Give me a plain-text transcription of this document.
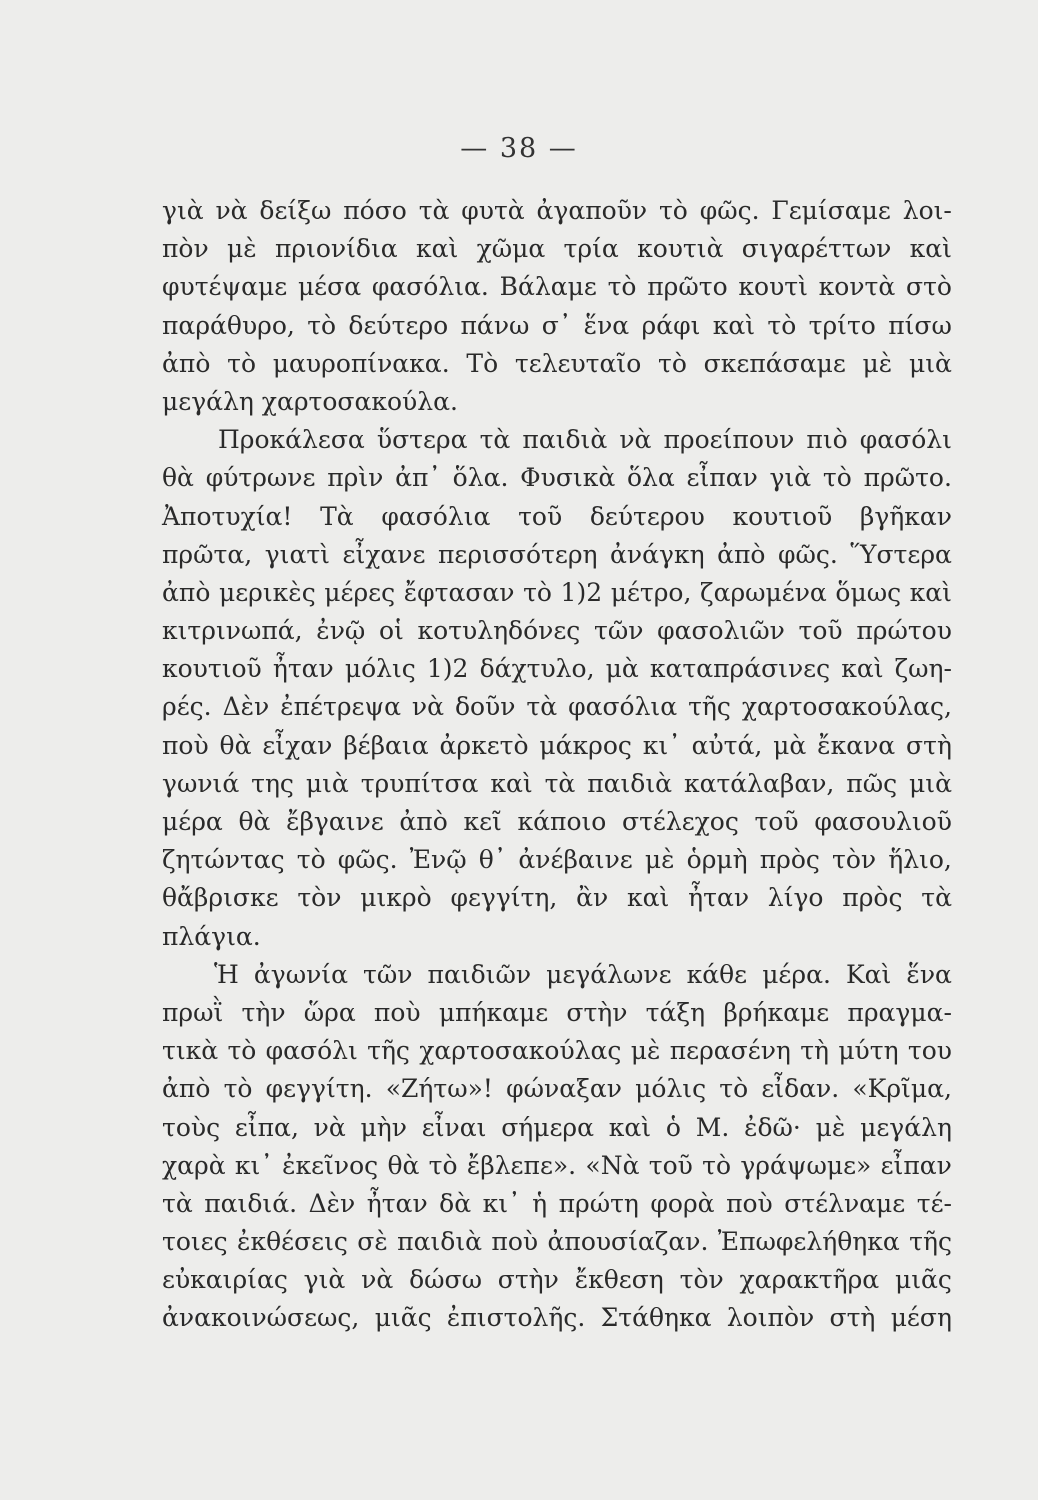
— 38 —
γιὰ νὰ δείξω πόσο τὰ φυτὰ ἀγαποῦν τὸ φῶς. Γεμίσαμε λοι-
πὸν μὲ πριονίδια καὶ χῶμα τρία κουτιὰ σιγαρέττων καὶ
φυτέψαμε μέσα φασόλια. Βάλαμε τὸ πρῶτο κουτὶ κοντὰ στὸ
παράθυρο, τὸ δεύτερο πάνω σ᾽ ἕνα ράφι καὶ τὸ τρίτο πίσω
ἀπὸ τὸ μαυροπίνακα. Τὸ τελευταῖο τὸ σκεπάσαμε μὲ μιὰ
μεγάλη χαρτοσακούλα.
Προκάλεσα ὕστερα τὰ παιδιὰ νὰ προείπουν πιὸ φασόλι
θὰ φύτρωνε πρὶν ἀπ᾽ ὅλα. Φυσικὰ ὅλα εἶπαν γιὰ τὸ πρῶτο.
Ἀποτυχία! Τὰ φασόλια τοῦ δεύτερου κουτιοῦ βγῆκαν
πρῶτα, γιατὶ εἶχανε περισσότερη ἀνάγκη ἀπὸ φῶς. Ὕστερα
ἀπὸ μερικὲς μέρες ἔφτασαν τὸ 1)2 μέτρο, ζαρωμένα ὅμως καὶ
κιτρινωπά, ἐνῷ οἱ κοτυληδόνες τῶν φασολιῶν τοῦ πρώτου
κουτιοῦ ἦταν μόλις 1)2 δάχτυλο, μὰ καταπράσινες καὶ ζωη-
ρές. Δὲν ἐπέτρεψα νὰ δοῦν τὰ φασόλια τῆς χαρτοσακούλας,
ποὺ θὰ εἶχαν βέβαια ἀρκετὸ μάκρος κι᾽ αὐτά, μὰ ἔκανα στὴ
γωνιά της μιὰ τρυπίτσα καὶ τὰ παιδιὰ κατάλαβαν, πῶς μιὰ
μέρα θὰ ἔβγαινε ἀπὸ κεῖ κάποιο στέλεχος τοῦ φασουλιοῦ
ζητώντας τὸ φῶς. Ἐνῷ θ᾽ ἀνέβαινε μὲ ὁρμὴ πρὸς τὸν ἥλιο,
θἄβρισκε τὸν μικρὸ φεγγίτη, ἂν καὶ ἦταν λίγο πρὸς τὰ
πλάγια.
Ἡ ἀγωνία τῶν παιδιῶν μεγάλωνε κάθε μέρα. Καὶ ἕνα
πρωῒ τὴν ὥρα ποὺ μπήκαμε στὴν τάξη βρήκαμε πραγμα-
τικὰ τὸ φασόλι τῆς χαρτοσακούλας μὲ περασένη τὴ μύτη του
ἀπὸ τὸ φεγγίτη. «Ζήτω»! φώναξαν μόλις τὸ εἶδαν. «Κρῖμα,
τοὺς εἶπα, νὰ μὴν εἶναι σήμερα καὶ ὁ Μ. ἐδῶ· μὲ μεγάλη
χαρὰ κι᾽ ἐκεῖνος θὰ τὸ ἔβλεπε». «Νὰ τοῦ τὸ γράψωμε» εἶπαν
τὰ παιδιά. Δὲν ἦταν δὰ κι᾽ ἡ πρώτη φορὰ ποὺ στέλναμε τέ-
τοιες ἐκθέσεις σὲ παιδιὰ ποὺ ἀπουσίαζαν. Ἐπωφελήθηκα τῆς
εὐκαιρίας γιὰ νὰ δώσω στὴν ἔκθεση τὸν χαρακτῆρα μιᾶς
ἀνακοινώσεως, μιᾶς ἐπιστολῆς. Στάθηκα λοιπὸν στὴ μέση
